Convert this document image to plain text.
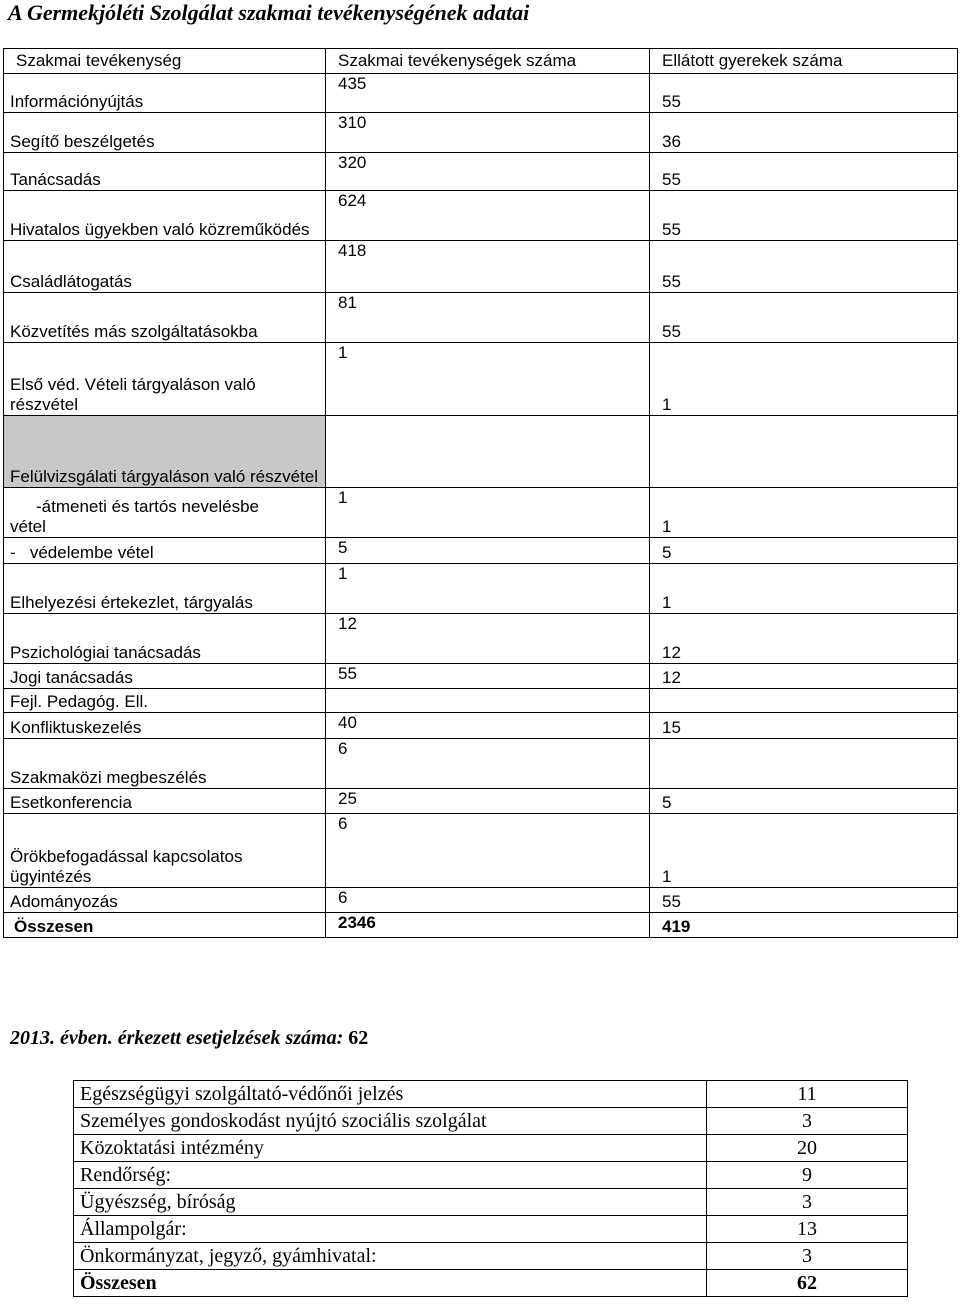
A Germekjóléti Szolgálat szakmai tevékenységének adatai
Szakmai tevékenység	Szakmai tevékenységek száma	Ellátott gyerekek száma
Információnyújtás	435	55
Segítő beszélgetés	310	36
Tanácsadás	320	55
Hivatalos ügyekben való közreműködés	624	55
Családlátogatás	418	55
Közvetítés más szolgáltatásokba	81	55
Első véd. Vételi tárgyaláson való részvétel	1	1
Felülvizsgálati tárgyaláson való részvétel		
-átmeneti és tartós nevelésbe
vétel	1	1
-   védelembe vétel	5	5
Elhelyezési értekezlet, tárgyalás	1	1
Pszichológiai tanácsadás	12	12
Jogi tanácsadás	55	12
Fejl. Pedagóg. Ell.		
Konfliktuskezelés	40	15
Szakmaközi megbeszélés	6	
Esetkonferencia	25	5
Örökbefogadással kapcsolatos ügyintézés	6	1
Adományozás	6	55
Összesen	2346	419
2013. évben. érkezett esetjelzések száma: 62
Egészségügyi szolgáltató-védőnői jelzés	11
Személyes gondoskodást nyújtó szociális szolgálat	3
Közoktatási intézmény	20
Rendőrség:	9
Ügyészség, bíróság	3
Állampolgár:	13
Önkormányzat, jegyző, gyámhivatal:	3
Összesen	62
